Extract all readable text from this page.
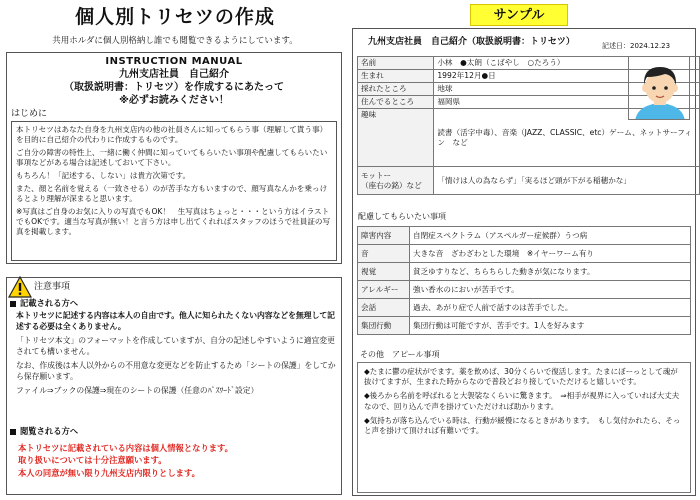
個人別トリセツの作成
共用ホルダに個人別格納し誰でも閲覧できるようにしています。
INSTRUCTION MANUAL
九州支店社員　自己紹介
（取扱説明書：トリセツ）を作成するにあたって
※必ずお読みください！
はじめに

本トリセツはあなた自身を九州支店内の他の社員さんに知ってもらう事（理解して貰う事）を目的に自己紹介の代わりに作成するものです。

ご自分の障害の特性上、一緒に働く仲間に知っていてもらいたい事項や配慮してもらいたい事項などがある場合は記述しておいて下さい。

もちろん！「記述する、しない」は貴方次第です。

また、顔と名前を覚える（一致させる）のが苦手な方もいますので、顔写真なんかを乗っけるとより理解が深まると思います。

※写真はご自身のお気に入りの写真でもOK！　生写真はちょっと・・・という方はイラストでもOKです。適当な写真が無い！と言う方は申し出てくれればスタッフのほうで社員証の写真を掲載します。

注意事項
記載される方へ

本トリセツに記述する内容は本人の自由です。他人に知られたくない内容などを無理して記述する必要は全くありません。

「トリセツ本文」のフォーマットを作成していますが、自分の記述しやすいように適宜変更されても構いません。

なお、作成後は本人以外からの不用意な変更などを防止するため「シートの保護」をしてから保存願います。

ファイル⇒ブックの保護⇒現在のシートの保護（任意のﾊﾟｽﾜｰﾄﾞ設定）

閲覧される方へ
本トリセツに記載されている内容は個人情報となります。
取り扱いについては十分注意願います。
本人の同意が無い限り九州支店内限りとします。
サンプル
九州支店社員　自己紹介（取扱説明書：トリセツ）	記述日：2024.12.23
名前	小林　●太朗（こばやし　○たろう）
生まれ	1992年12月●日
採れたところ	地球
住んでるところ	福岡県
趣味	読書（活字中毒）、音楽（JAZZ、CLASSIC、etc）ゲーム、ネットサーフィン　など
モットー
（座右の銘）など	「情けは人の為ならず」「実るほど頭が下がる稲穂かな」
配慮してもらいたい事項
障害内容	自閉症スペクトラム（アスペルガー症候群）うつ病
音	大きな音　ざわざわとした環境　※イヤーワーム有り
視覚	貧乏ゆすりなど、ちらちらした動きが気になります。
アレルギー	強い香水のにおいが苦手です。
会話	過去、あがり症で人前で話すのは苦手でした。
集団行動	集団行動は可能ですが、苦手です。1人を好みます
その他　アピール事項

◆たまに鬱の症状がでます。薬を飲めば、30分くらいで復活します。たまにぼーっとして魂が抜けてますが、生まれた時からなので普段どおり接していただけると嬉しいです。

◆後ろから名前を呼ばれると大袈裟なくらいに驚きます。　⇒相手が視界に入っていれば大丈夫なので、回り込んで声を掛けていただければ助かります。

◆気持ちが落ち込んでいる時は、行動が緩慢になるときがあります。　もし気付かれたら、そっと声を掛けて頂ければ有難いです。
